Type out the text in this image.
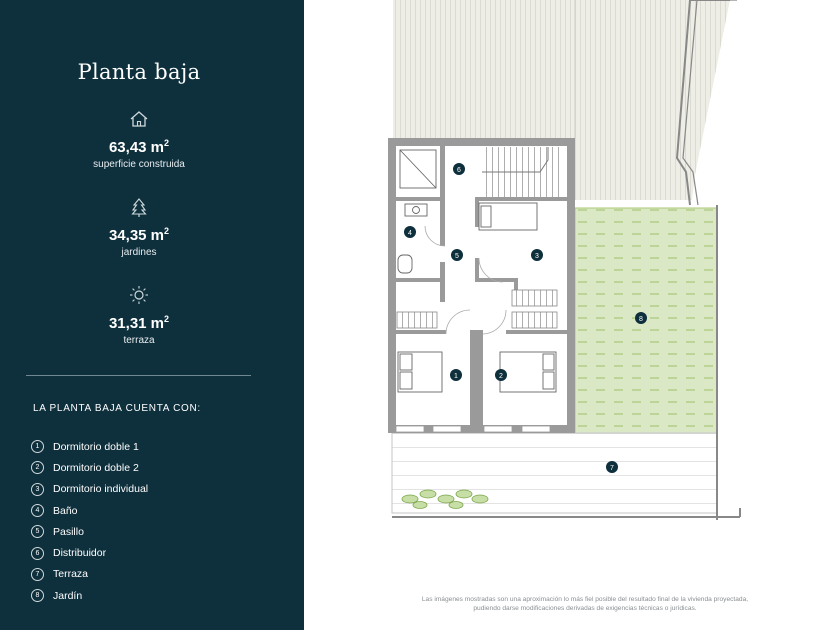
Planta baja
63,43 $m^2$
superficie construida
34,35 $m^2$
jardines
31,31 $m^2$
terraza
LA PLANTA BAJA CUENTA CON:
1	Dormitorio doble 1
2	Dormitorio doble 2
3	Dormitorio individual
4	Baño
5	Pasillo
6	Distribuidor
7	Terraza
8	Jardín
1	2
3
4
5
6
7
8
Las imágenes mostradas son una aproximación lo más fiel posible del resultado final de la vivienda proyectada,
pudiendo darse modificaciones derivadas de exigencias técnicas o jurídicas.
